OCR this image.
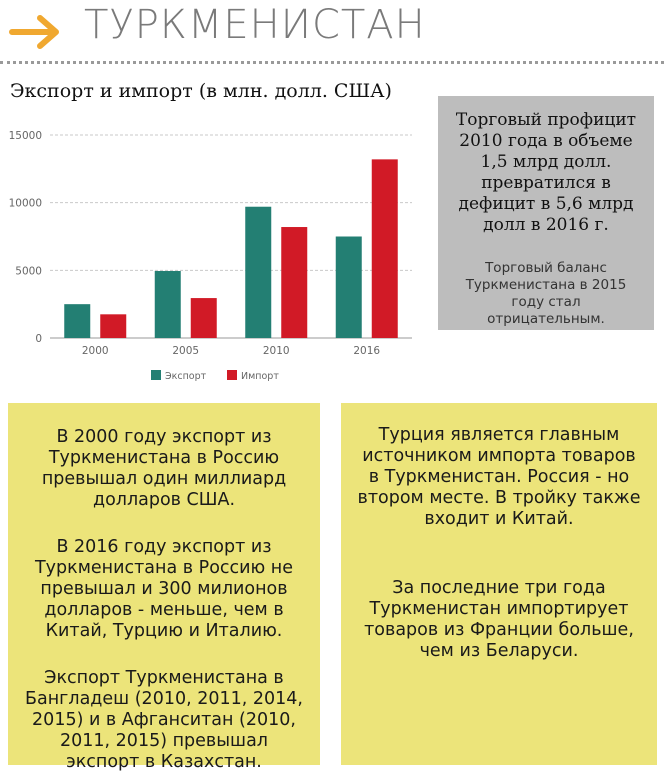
ТУРКМЕНИСТАН
Экспорт и импорт (в млн. долл. США)
0
5000
10000
15000
2000	2005	2010	2016
Экспорт	Импорт
Торговый профицит 2010 года в объеме 1,5 млрд долл. превратился в дефицит в 5,6 млрд долл в 2016 г.
Торговый баланс Туркменистана в 2015 году стал отрицательным.

В 2000 году экспорт из Туркменистана в Россию превышал один миллиард долларов США.

В 2016 году экспорт из Туркменистана в Россию не превышал и 300 милионов долларов - меньше, чем в Китай, Турцию и Италию.

Экспорт Туркменистана в Бангладеш (2010, 2011, 2014, 2015) и в Афганситан (2010, 2011, 2015) превышал экспорт в Казахстан.

Турция является главным источником импорта товаров в Туркменистан. Россия - но втором месте. В тройку также входит и Китай.

За последние три года Туркменистан импортирует товаров из Франции больше, чем из Беларуси.
